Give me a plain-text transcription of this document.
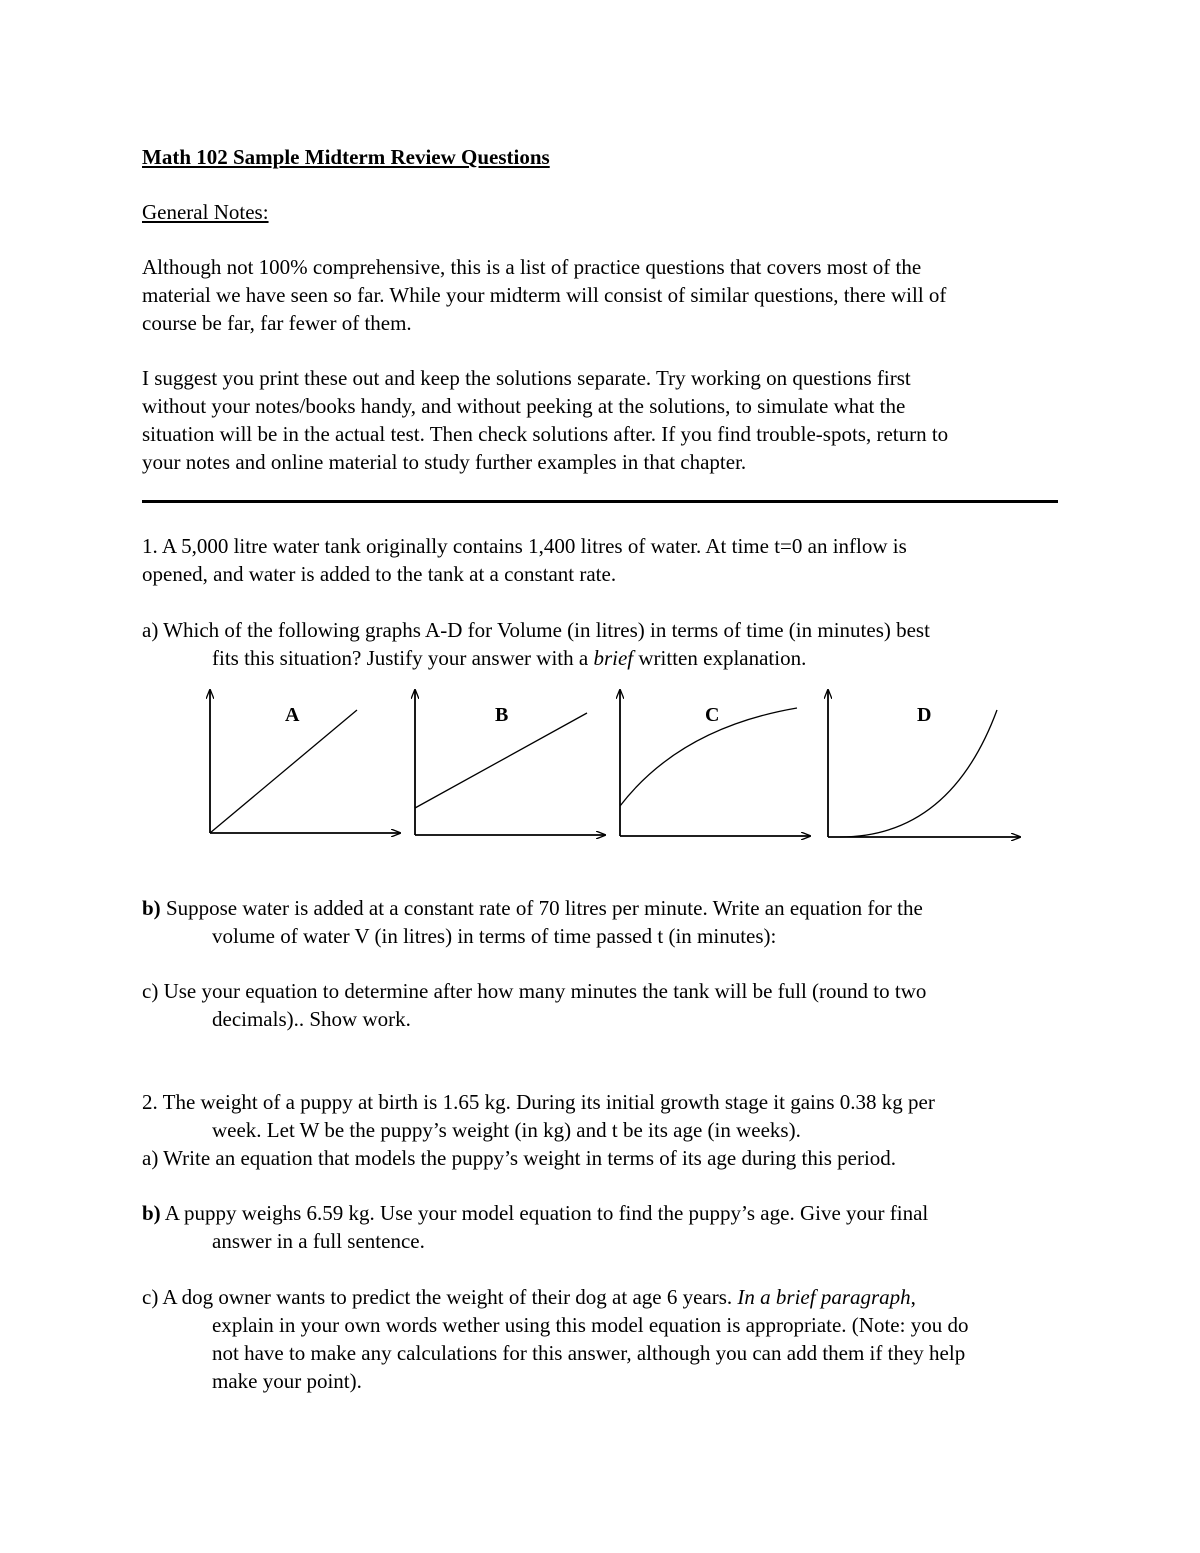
Math 102 Sample Midterm Review Questions
General Notes:
Although not 100% comprehensive, this is a list of practice questions that covers most of the
material we have seen so far. While your midterm will consist of similar questions, there will of
course be far, far fewer of them.
I suggest you print these out and keep the solutions separate. Try working on questions first
without your notes/books handy, and without peeking at the solutions, to simulate what the
situation will be in the actual test. Then check solutions after. If you find trouble-spots, return to
your notes and online material to study further examples in that chapter.
1. A 5,000 litre water tank originally contains 1,400 litres of water. At time t=0 an inflow is
opened, and water is added to the tank at a constant rate.
a) Which of the following graphs A-D for Volume (in litres) in terms of time (in minutes) best
fits this situation? Justify your answer with a brief written explanation.
A	B	C	D
b) Suppose water is added at a constant rate of 70 litres per minute. Write an equation for the
volume of water V (in litres) in terms of time passed t (in minutes):
c) Use your equation to determine after how many minutes the tank will be full (round to two
decimals).. Show work.
2. The weight of a puppy at birth is 1.65 kg. During its initial growth stage it gains 0.38 kg per
week. Let W be the puppy’s weight (in kg) and t be its age (in weeks).
a) Write an equation that models the puppy’s weight in terms of its age during this period.
b) A puppy weighs 6.59 kg. Use your model equation to find the puppy’s age. Give your final
answer in a full sentence.
c) A dog owner wants to predict the weight of their dog at age 6 years. In a brief paragraph,
explain in your own words wether using this model equation is appropriate. (Note: you do
not have to make any calculations for this answer, although you can add them if they help
make your point).
